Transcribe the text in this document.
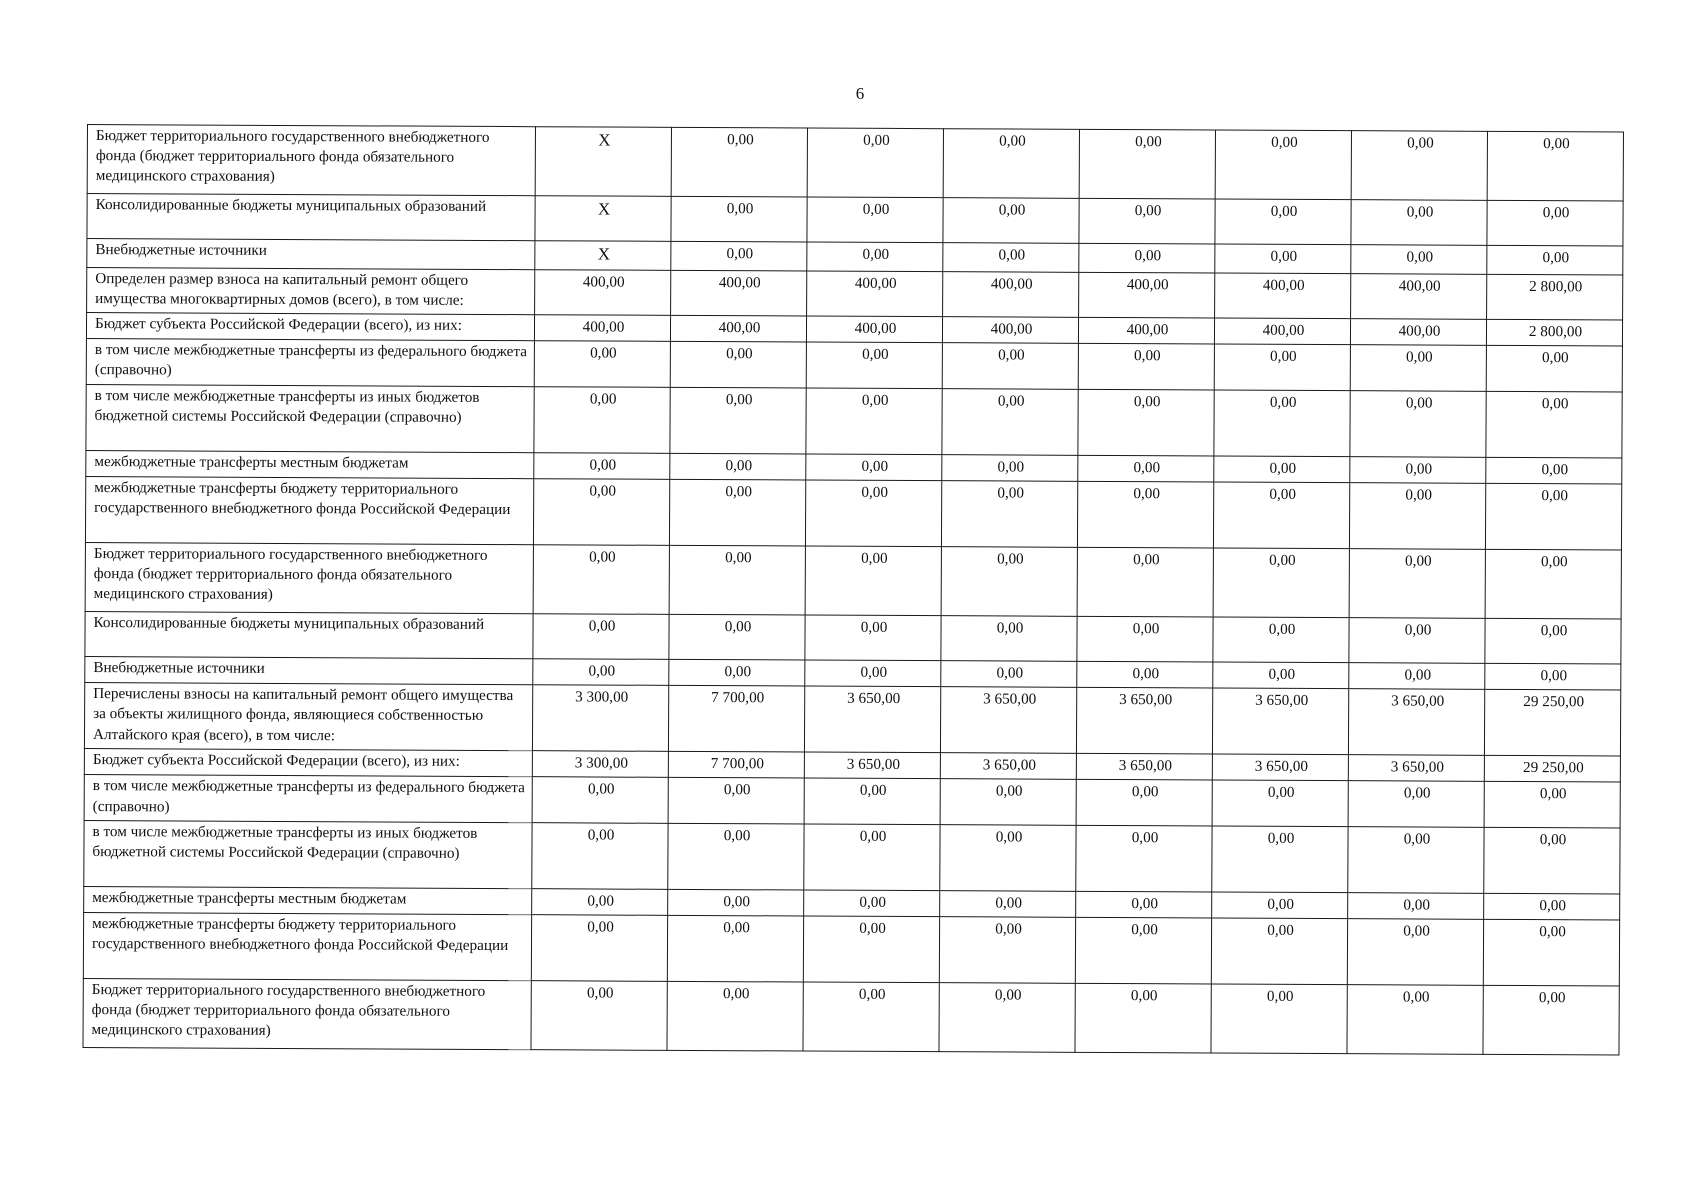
6
Бюджет территориального государственного внебюджетного фонда (бюджет территориального фонда обязательного медицинского страхования)	X	0,00	0,00	0,00	0,00	0,00	0,00	0,00
Консолидированные бюджеты муниципальных образований	X	0,00	0,00	0,00	0,00	0,00	0,00	0,00
Внебюджетные источники	X	0,00	0,00	0,00	0,00	0,00	0,00	0,00
Определен размер взноса на капитальный ремонт общего имущества многоквартирных домов (всего), в том числе:	400,00	400,00	400,00	400,00	400,00	400,00	400,00	2 800,00
Бюджет субъекта Российской Федерации (всего), из них:	400,00	400,00	400,00	400,00	400,00	400,00	400,00	2 800,00
в том числе межбюджетные трансферты из федерального бюджета (справочно)	0,00	0,00	0,00	0,00	0,00	0,00	0,00	0,00
в том числе межбюджетные трансферты из иных бюджетов бюджетной системы Российской Федерации (справочно)	0,00	0,00	0,00	0,00	0,00	0,00	0,00	0,00
межбюджетные трансферты местным бюджетам	0,00	0,00	0,00	0,00	0,00	0,00	0,00	0,00
межбюджетные трансферты бюджету территориального государственного внебюджетного фонда Российской Федерации	0,00	0,00	0,00	0,00	0,00	0,00	0,00	0,00
Бюджет территориального государственного внебюджетного фонда (бюджет территориального фонда обязательного медицинского страхования)	0,00	0,00	0,00	0,00	0,00	0,00	0,00	0,00
Консолидированные бюджеты муниципальных образований	0,00	0,00	0,00	0,00	0,00	0,00	0,00	0,00
Внебюджетные источники	0,00	0,00	0,00	0,00	0,00	0,00	0,00	0,00
Перечислены взносы на капитальный ремонт общего имущества за объекты жилищного фонда, являющиеся собственностью Алтайского края (всего), в том числе:	3 300,00	7 700,00	3 650,00	3 650,00	3 650,00	3 650,00	3 650,00	29 250,00
Бюджет субъекта Российской Федерации (всего), из них:	3 300,00	7 700,00	3 650,00	3 650,00	3 650,00	3 650,00	3 650,00	29 250,00
в том числе межбюджетные трансферты из федерального бюджета (справочно)	0,00	0,00	0,00	0,00	0,00	0,00	0,00	0,00
в том числе межбюджетные трансферты из иных бюджетов бюджетной системы Российской Федерации (справочно)	0,00	0,00	0,00	0,00	0,00	0,00	0,00	0,00
межбюджетные трансферты местным бюджетам	0,00	0,00	0,00	0,00	0,00	0,00	0,00	0,00
межбюджетные трансферты бюджету территориального государственного внебюджетного фонда Российской Федерации	0,00	0,00	0,00	0,00	0,00	0,00	0,00	0,00
Бюджет территориального государственного внебюджетного фонда (бюджет территориального фонда обязательного медицинского страхования)	0,00	0,00	0,00	0,00	0,00	0,00	0,00	0,00
